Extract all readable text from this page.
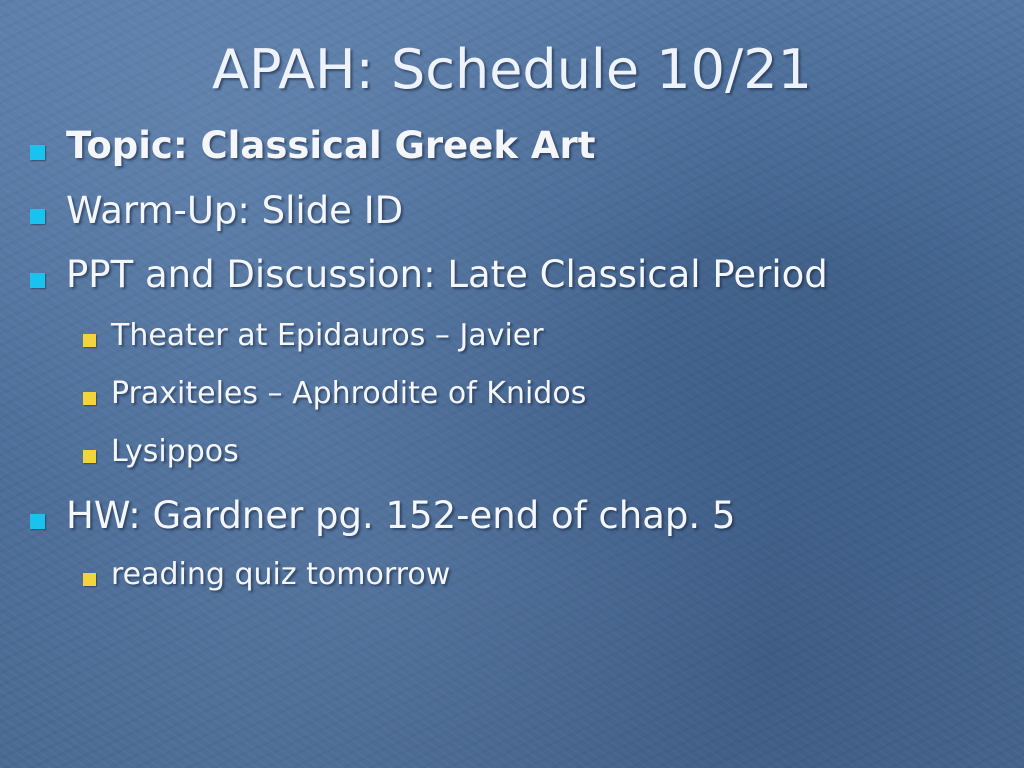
APAH: Schedule 10/21
Topic: Classical Greek Art
Warm-Up: Slide ID
PPT and Discussion: Late Classical Period
Theater at Epidauros – Javier
Praxiteles – Aphrodite of Knidos
Lysippos
HW: Gardner pg. 152-end of chap. 5
reading quiz tomorrow
